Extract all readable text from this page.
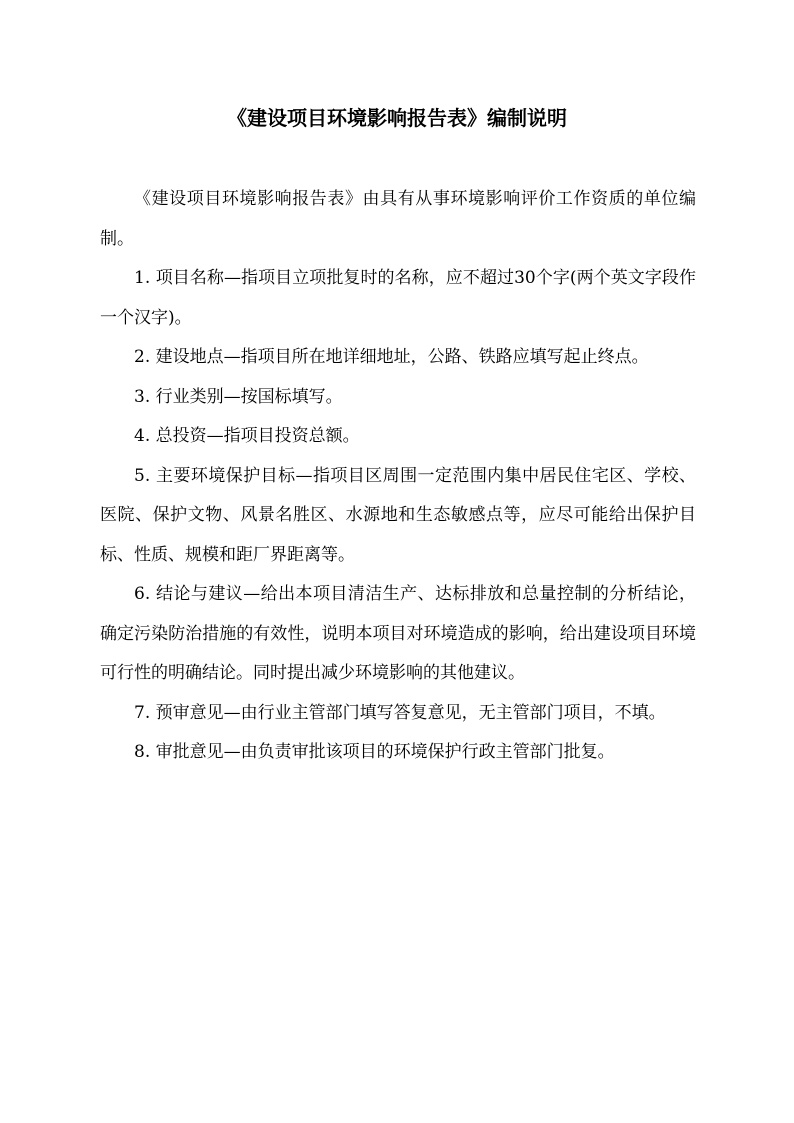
《建设项目环境影响报告表》编制说明

《建设项目环境影响报告表》由具有从事环境影响评价工作资质的单位编制。

1. 项目名称—指项目立项批复时的名称，应不超过30个字(两个英文字段作一个汉字)。

2. 建设地点—指项目所在地详细地址，公路、铁路应填写起止终点。

3. 行业类别—按国标填写。

4. 总投资—指项目投资总额。

5. 主要环境保护目标—指项目区周围一定范围内集中居民住宅区、学校、医院、保护文物、风景名胜区、水源地和生态敏感点等，应尽可能给出保护目标、性质、规模和距厂界距离等。

6. 结论与建议—给出本项目清洁生产、达标排放和总量控制的分析结论，确定污染防治措施的有效性，说明本项目对环境造成的影响，给出建设项目环境可行性的明确结论。同时提出减少环境影响的其他建议。

7. 预审意见—由行业主管部门填写答复意见，无主管部门项目，不填。

8. 审批意见—由负责审批该项目的环境保护行政主管部门批复。
